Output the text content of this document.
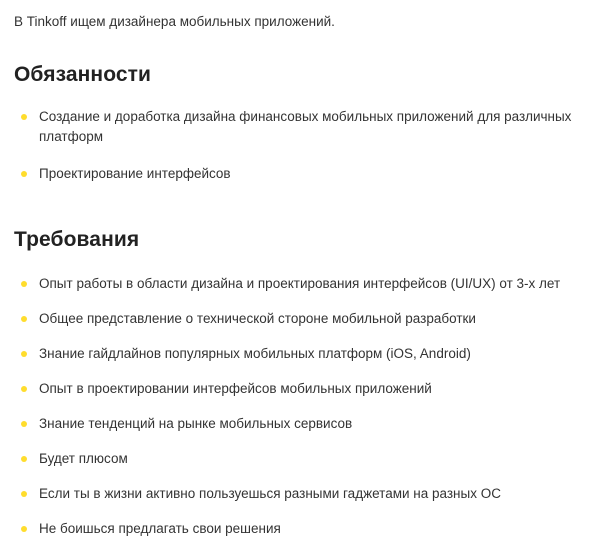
В Tinkoff ищем дизайнера мобильных приложений.

Обязанности
Создание и доработка дизайна финансовых мобильных приложений для различных платформ
Проектирование интерфейсов
Требования
Опыт работы в области дизайна и проектирования интерфейсов (UI/UX) от 3-х лет
Общее представление о технической стороне мобильной разработки
Знание гайдлайнов популярных мобильных платформ (iOS, Android)
Опыт в проектировании интерфейсов мобильных приложений
Знание тенденций на рынке мобильных сервисов
Будет плюсом
Если ты в жизни активно пользуешься разными гаджетами на разных ОС
Не боишься предлагать свои решения
